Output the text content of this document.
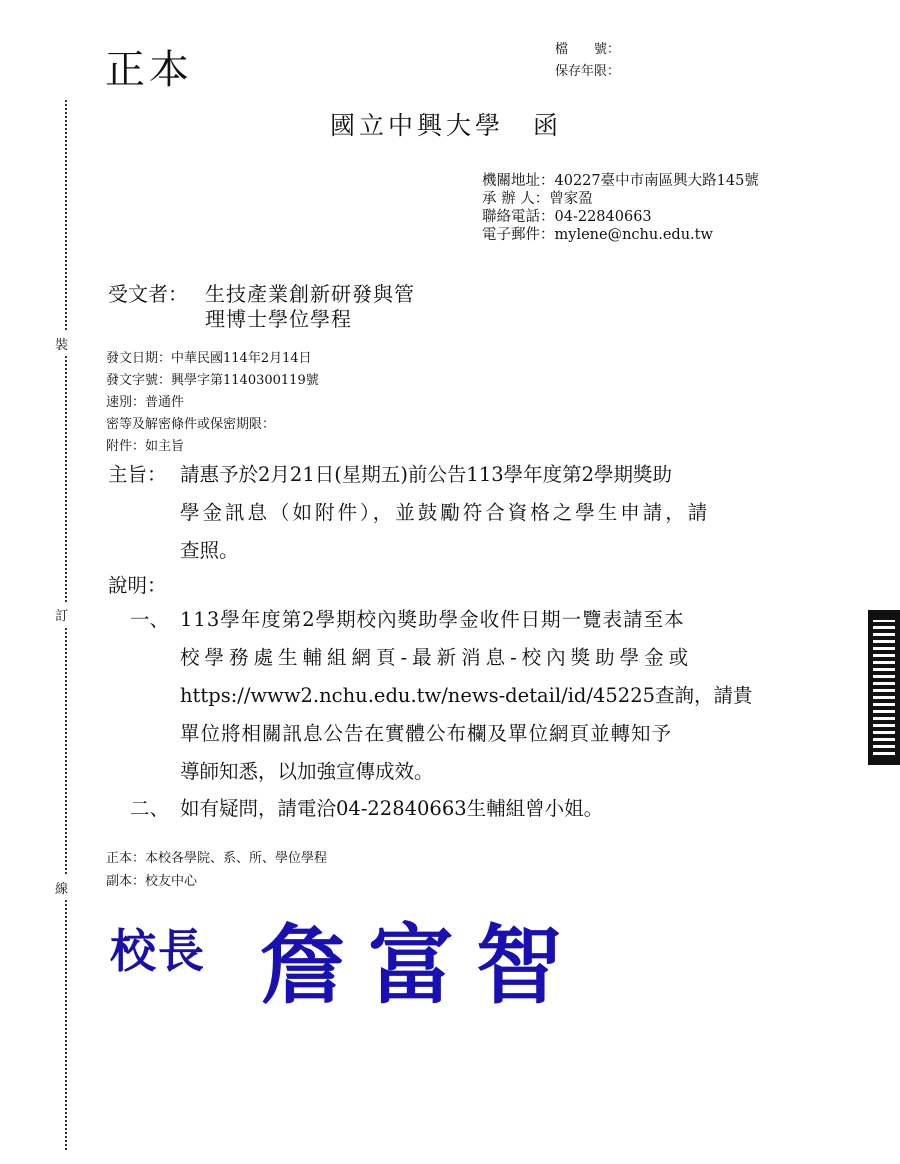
正本	檔　　號：
保存年限：
國立中興大學　函
機關地址：40227臺中市南區興大路145號
承 辦 人：曾家盈
聯絡電話：04-22840663
電子郵件：mylene@nchu.edu.tw
裝
訂
線
受文者： 生技產業創新研發與管
理博士學位學程
發文日期：中華民國114年2月14日
發文字號：興學字第1140300119號
速別：普通件
密等及解密條件或保密期限：
附件：如主旨
主旨： 請惠予於2月21日(星期五)前公告113學年度第2學期獎助
學金訊息（如附件），並鼓勵符合資格之學生申請，請
查照。
說明：
一、 113學年度第2學期校內獎助學金收件日期一覽表請至本
校學務處生輔組網頁-最新消息-校內獎助學金或
https://www2.nchu.edu.tw/news-detail/id/45225查詢，請貴
單位將相關訊息公告在實體公布欄及單位網頁並轉知予
導師知悉，以加強宣傳成效。
二、 如有疑問，請電洽04-22840663生輔組曾小姐。
正本：本校各學院、系、所、學位學程
副本：校友中心
校長 詹富智
